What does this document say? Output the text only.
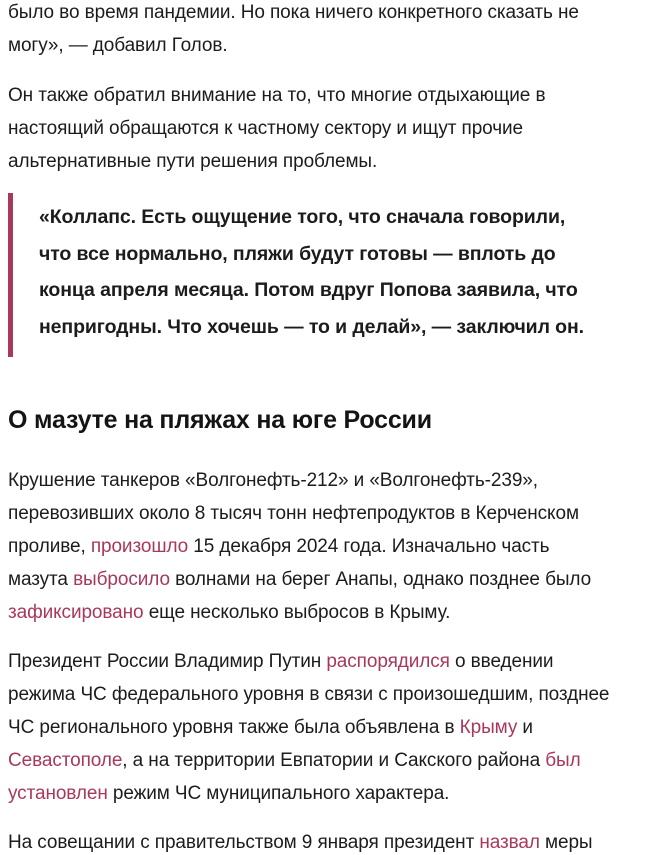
было во время пандемии. Но пока ничего конкретного сказать не
могу», — добавил Голов.

Он также обратил внимание на то, что многие отдыхающие в
настоящий обращаются к частному сектору и ищут прочие
альтернативные пути решения проблемы.

«Коллапс. Есть ощущение того, что сначала говорили,
что все нормально, пляжи будут готовы — вплоть до
конца апреля месяца. Потом вдруг Попова заявила, что
непригодны. Что хочешь — то и делай», — заключил он.

О мазуте на пляжах на юге России

Крушение танкеров «Волгонефть-212» и «Волгонефть-239»,
перевозивших около 8 тысяч тонн нефтепродуктов в Керченском
проливе, произошло 15 декабря 2024 года. Изначально часть
мазута выбросило волнами на берег Анапы, однако позднее было
зафиксировано еще несколько выбросов в Крыму.

Президент России Владимир Путин распорядился о введении
режима ЧС федерального уровня в связи с произошедшим, позднее
ЧС регионального уровня также была объявлена в Крыму и
Севастополе, а на территории Евпатории и Сакского района был
установлен режим ЧС муниципального характера.

На совещании с правительством 9 января президент назвал меры
